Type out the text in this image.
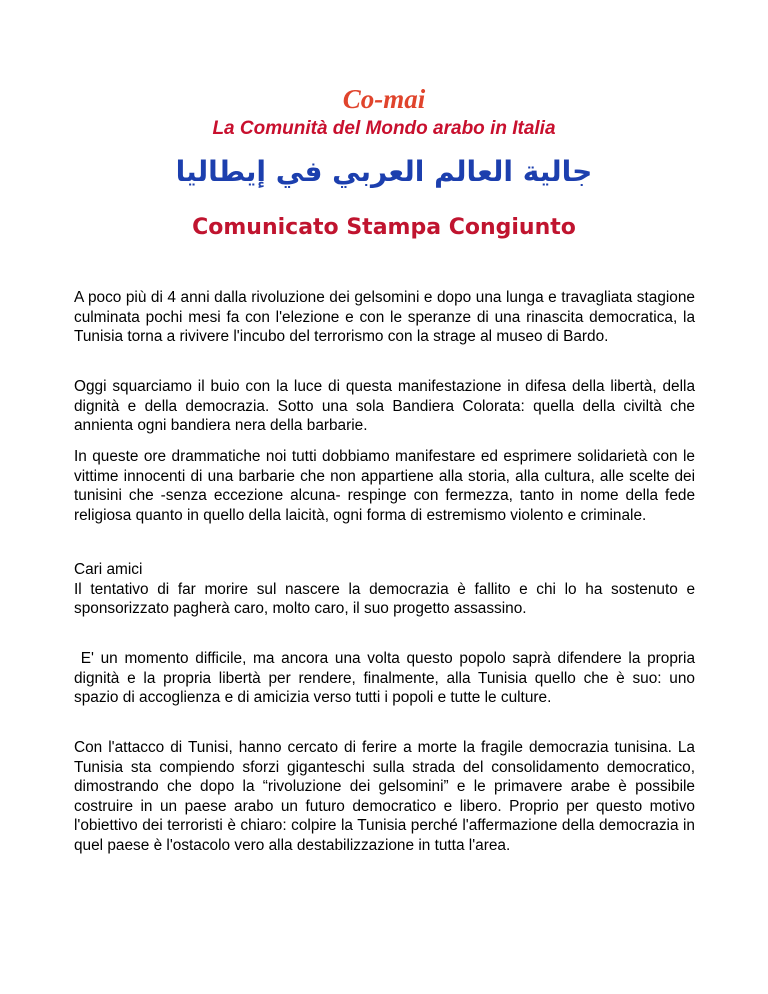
Co-mai
La Comunità del Mondo arabo in Italia
جالية العالم العربي في إيطاليا
Comunicato Stampa Congiunto

A poco più di 4 anni dalla rivoluzione dei gelsomini e dopo una lunga e travagliata stagione culminata pochi mesi fa con l'elezione e con le speranze di una rinascita democratica, la Tunisia torna a rivivere l'incubo del terrorismo con la strage al museo di Bardo.

Oggi squarciamo il buio con la luce di questa manifestazione in difesa della libertà, della dignità e della democrazia. Sotto una sola Bandiera Colorata: quella della civiltà che annienta ogni bandiera nera della barbarie.

In queste ore drammatiche noi tutti dobbiamo manifestare ed esprimere solidarietà con le vittime innocenti di una barbarie che non appartiene alla storia, alla cultura, alle scelte dei tunisini che -senza eccezione alcuna- respinge con fermezza, tanto in nome della fede religiosa quanto in quello della laicità, ogni forma di estremismo violento e criminale.

Cari amici
Il tentativo di far morire sul nascere la democrazia è fallito e chi lo ha sostenuto e sponsorizzato pagherà caro, molto caro, il suo progetto assassino.

E' un momento difficile, ma ancora una volta questo popolo saprà difendere la propria dignità e la propria libertà per rendere, finalmente, alla Tunisia quello che è suo: uno spazio di accoglienza e di amicizia verso tutti i popoli e tutte le culture.

Con l'attacco di Tunisi, hanno cercato di ferire a morte la fragile democrazia tunisina. La Tunisia sta compiendo sforzi giganteschi sulla strada del consolidamento democratico, dimostrando che dopo la “rivoluzione dei gelsomini” e le primavere arabe è possibile costruire in un paese arabo un futuro democratico e libero. Proprio per questo motivo l'obiettivo dei terroristi è chiaro: colpire la Tunisia perché l'affermazione della democrazia in quel paese è l'ostacolo vero alla destabilizzazione in tutta l'area.
